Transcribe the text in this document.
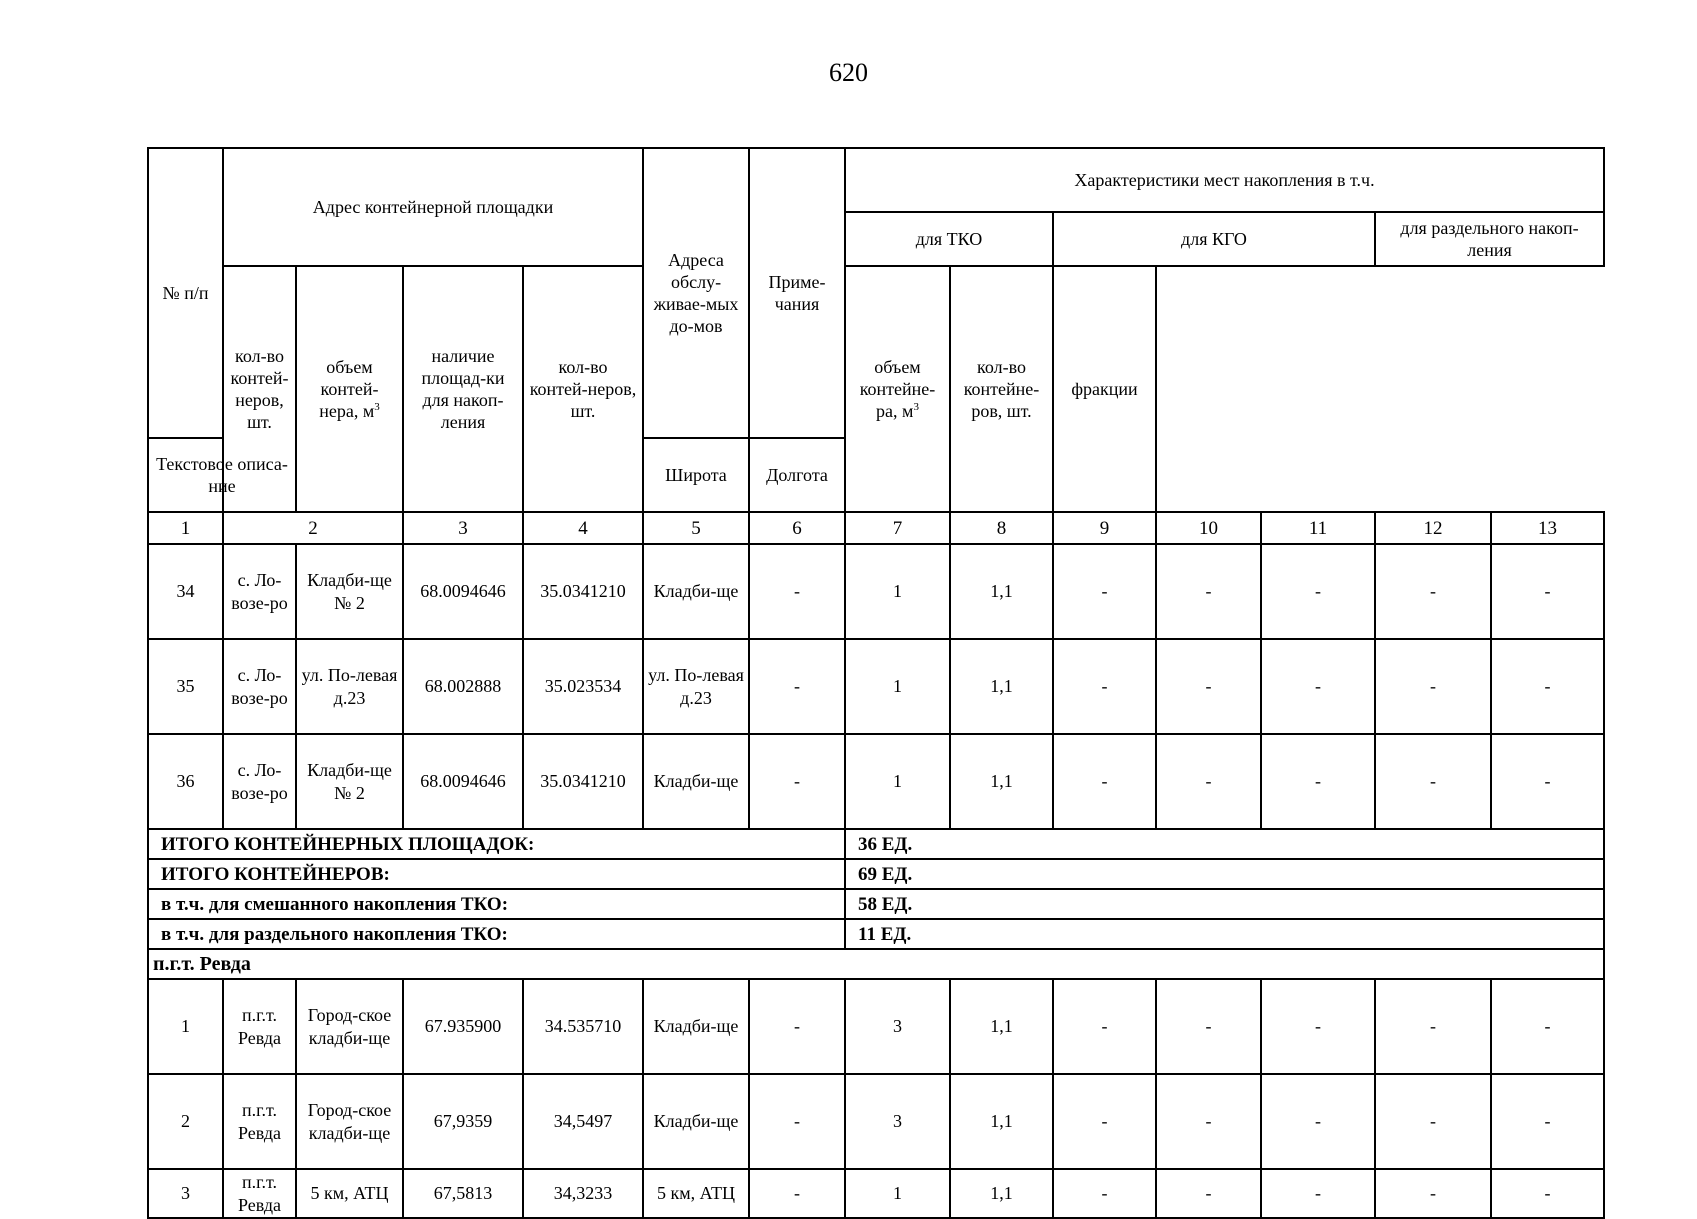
620
№ п/п	Адрес контейнерной площадки				Адреса обслу-живае-мых до-мов	Приме-чания	Характеристики мест накопления в т.ч.						
							для ТКО		для КГО			для раздельного накоп-ления	
	кол-во контей-неров, шт.	объем контей-нера, $м^3$	наличие площад-ки для накоп-ления	кол-во контей-неров, шт.			объем контейне-ра, $м^3$	кол-во контейне-ров, шт.	фракции				
Текстовое описа-ние					Широта	Долгота							
1	2		3	4	5	6	7	8	9	10	11	12	13
34	с. Ло-возе-ро	Кладби-ще № 2	68.0094646	35.0341210	Кладби-ще	-	1	1,1	-	-	-	-	-
35	с. Ло-возе-ро	ул. По-левая д.23	68.002888	35.023534	ул. По-левая д.23	-	1	1,1	-	-	-	-	-
36	с. Ло-возе-ро	Кладби-ще № 2	68.0094646	35.0341210	Кладби-ще	-	1	1,1	-	-	-	-	-
ИТОГО КОНТЕЙНЕРНЫХ ПЛОЩАДОК:							36 ЕД.						
ИТОГО КОНТЕЙНЕРОВ:							69 ЕД.						
в т.ч. для смешанного накопления ТКО:							58 ЕД.						
в т.ч. для раздельного накопления ТКО:							11 ЕД.						
п.г.т. Ревда													
1	п.г.т. Ревда	Город-ское кладби-ще	67.935900	34.535710	Кладби-ще	-	3	1,1	-	-	-	-	-
2	п.г.т. Ревда	Город-ское кладби-ще	67,9359	34,5497	Кладби-ще	-	3	1,1	-	-	-	-	-
3	п.г.т. Ревда	5 км, АТЦ	67,5813	34,3233	5 км, АТЦ	-	1	1,1	-	-	-	-	-
